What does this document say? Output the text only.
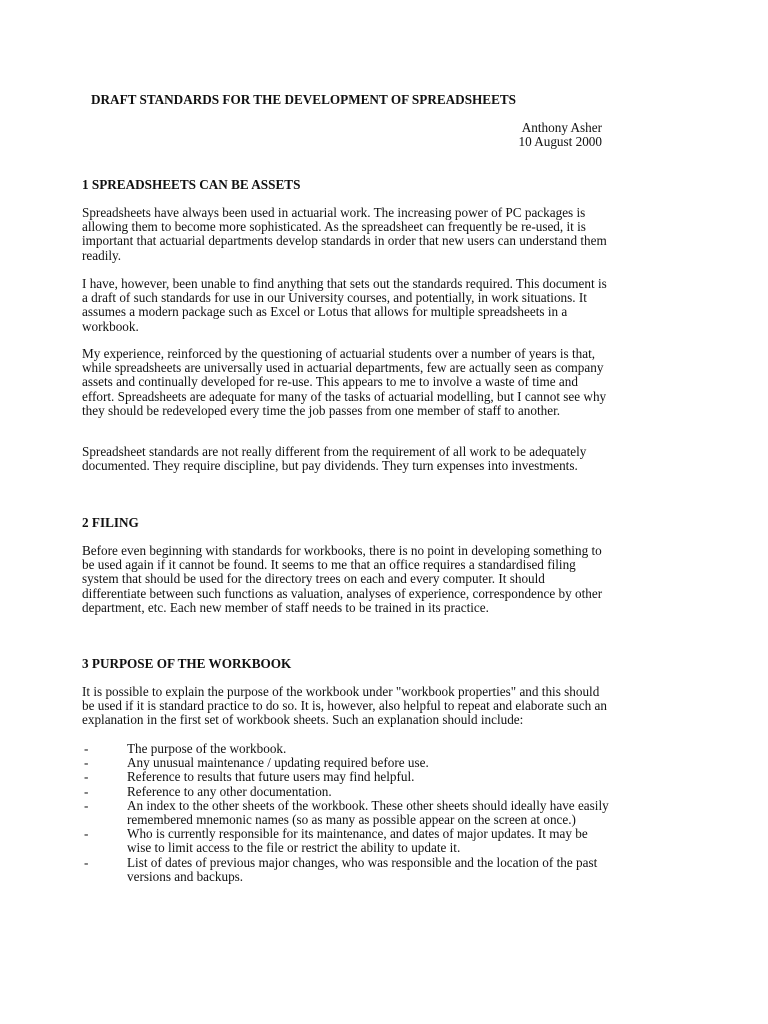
DRAFT STANDARDS FOR THE DEVELOPMENT OF SPREADSHEETS
Anthony Asher
10 August 2000
1 SPREADSHEETS CAN BE ASSETS

Spreadsheets have always been used in actuarial work. The increasing power of PC packages is allowing them to become more sophisticated. As the spreadsheet can frequently be re-used, it is important that actuarial departments develop standards in order that new users can understand them readily.

I have, however, been unable to find anything that sets out the standards required. This document is a draft of such standards for use in our University courses, and potentially, in work situations. It assumes a modern package such as Excel or Lotus that allows for multiple spreadsheets in a workbook.

My experience, reinforced by the questioning of actuarial students over a number of years is that, while spreadsheets are universally used in actuarial departments, few are actually seen as company assets and continually developed for re-use. This appears to me to involve a waste of time and effort. Spreadsheets are adequate for many of the tasks of actuarial modelling, but I cannot see why they should be redeveloped every time the job passes from one member of staff to another.

Spreadsheet standards are not really different from the requirement of all work to be adequately documented. They require discipline, but pay dividends. They turn expenses into investments.

2 FILING

Before even beginning with standards for workbooks, there is no point in developing something to be used again if it cannot be found. It seems to me that an office requires a standardised filing system that should be used for the directory trees on each and every computer. It should differentiate between such functions as valuation, analyses of experience, correspondence by other department, etc. Each new member of staff needs to be trained in its practice.

3 PURPOSE OF THE WORKBOOK

It is possible to explain the purpose of the workbook under "workbook properties" and this should be used if it is standard practice to do so. It is, however, also helpful to repeat and elaborate such an explanation in the first set of workbook sheets. Such an explanation should include:

-	The purpose of the workbook.
-	Any unusual maintenance / updating required before use.
-	Reference to results that future users may find helpful.
-	Reference to any other documentation.
-	An index to the other sheets of the workbook. These other sheets should ideally have easily remembered mnemonic names (so as many as possible appear on the screen at once.)
-	Who is currently responsible for its maintenance, and dates of major updates. It may be wise to limit access to the file or restrict the ability to update it.
-	List of dates of previous major changes, who was responsible and the location of the past versions and backups.
